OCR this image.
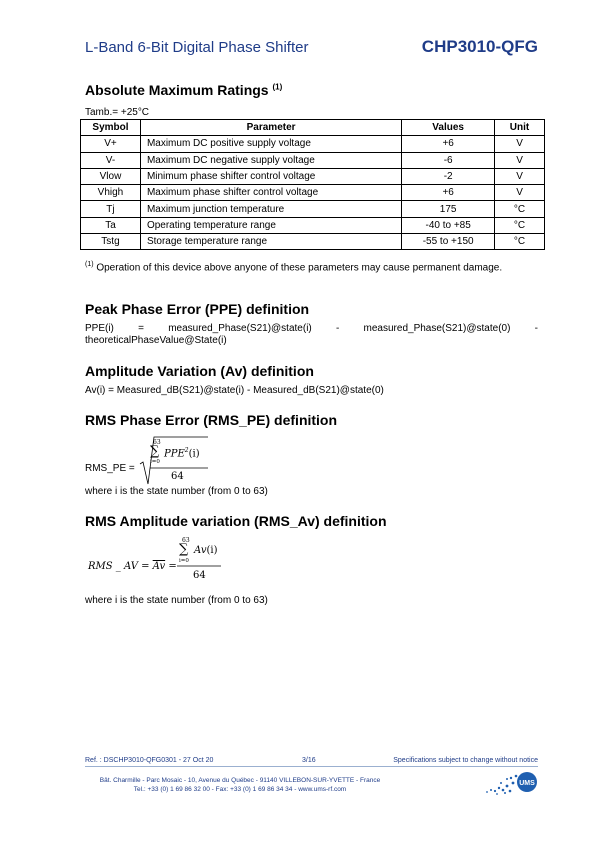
L-Band 6-Bit Digital Phase Shifter	CHP3010-QFG
Absolute Maximum Ratings $^{(1)}$
Tamb.= +25°C
Symbol	Parameter	Values	Unit
V+	Maximum DC positive supply voltage	+6	V
V-	Maximum DC negative supply voltage	-6	V
Vlow	Minimum phase shifter control voltage	-2	V
Vhigh	Maximum phase shifter control voltage	+6	V
Tj	Maximum junction temperature	175	°C
Ta	Operating temperature range	-40 to +85	°C
Tstg	Storage temperature range	-55 to +150	°C
$^{(1)}$ Operation of this device above anyone of these parameters may cause permanent damage.
Peak Phase Error (PPE) definition
PPE(i) = measured_Phase(S21)@state(i) - measured_Phase(S21)@state(0) - theoreticalPhaseValue@State(i)
Amplitude Variation (Av) definition
Av(i) = Measured_dB(S21)@state(i) - Measured_dB(S21)@state(0)
RMS Phase Error (RMS_PE) definition
RMS_PE =
63
∑
i=0
PPE$^2$(i)
64
where i is the state number (from 0 to 63)
RMS Amplitude variation (RMS_Av) definition
RMS _ AV = $\overline{Av}$ =
63
∑
i=0
Av(i)
64
where i is the state number (from 0 to 63)
Ref. : DSCHP3010-QFG0301 - 27 Oct 20	3/16	Specifications subject to change without notice
Bât. Charmille - Parc Mosaic - 10, Avenue du Québec - 91140 VILLEBON-SUR-YVETTE - France
Tel.: +33 (0) 1 69 86 32 00 - Fax: +33 (0) 1 69 86 34 34 - www.ums-rf.com
UMS
